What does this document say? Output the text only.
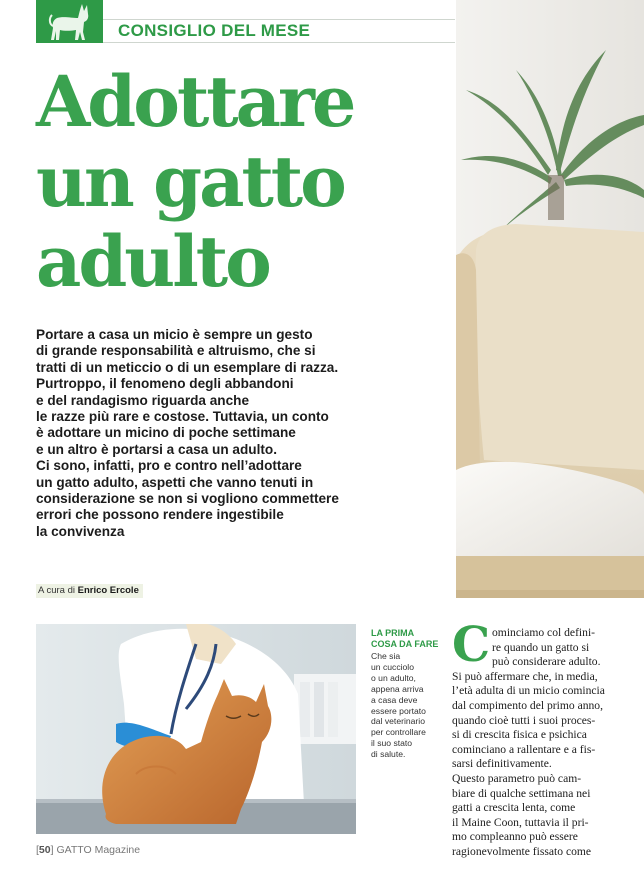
CONSIGLIO DEL MESE
Adottare
un gatto
adulto
Portare a casa un micio è sempre un gesto
di grande responsabilità e altruismo, che si
tratti di un meticcio o di un esemplare di razza.
Purtroppo, il fenomeno degli abbandoni
e del randagismo riguarda anche
le razze più rare e costose. Tuttavia, un conto
è adottare un micino di poche settimane
e un altro è portarsi a casa un adulto.
Ci sono, infatti, pro e contro nell’adottare
un gatto adulto, aspetti che vanno tenuti in
considerazione se non si vogliono commettere
errori che possono rendere ingestibile
la convivenza
A cura di Enrico Ercole
LA PRIMA
COSA DA FARE
Che sia
un cucciolo
o un adulto,
appena arriva
a casa deve
essere portato
dal veterinario
per controllare
il suo stato
di salute.
C ominciamo col defini-
re quando un gatto si
può considerare adulto.
Si può affermare che, in media,
l’età adulta di un micio comincia
dal compimento del primo anno,
quando cioè tutti i suoi proces-
si di crescita fisica e psichica
cominciano a rallentare e a fis-
sarsi definitivamente.
Questo parametro può cam-
biare di qualche settimana nei
gatti a crescita lenta, come
il Maine Coon, tuttavia il pri-
mo compleanno può essere
ragionevolmente fissato come
[50] GATTO Magazine
